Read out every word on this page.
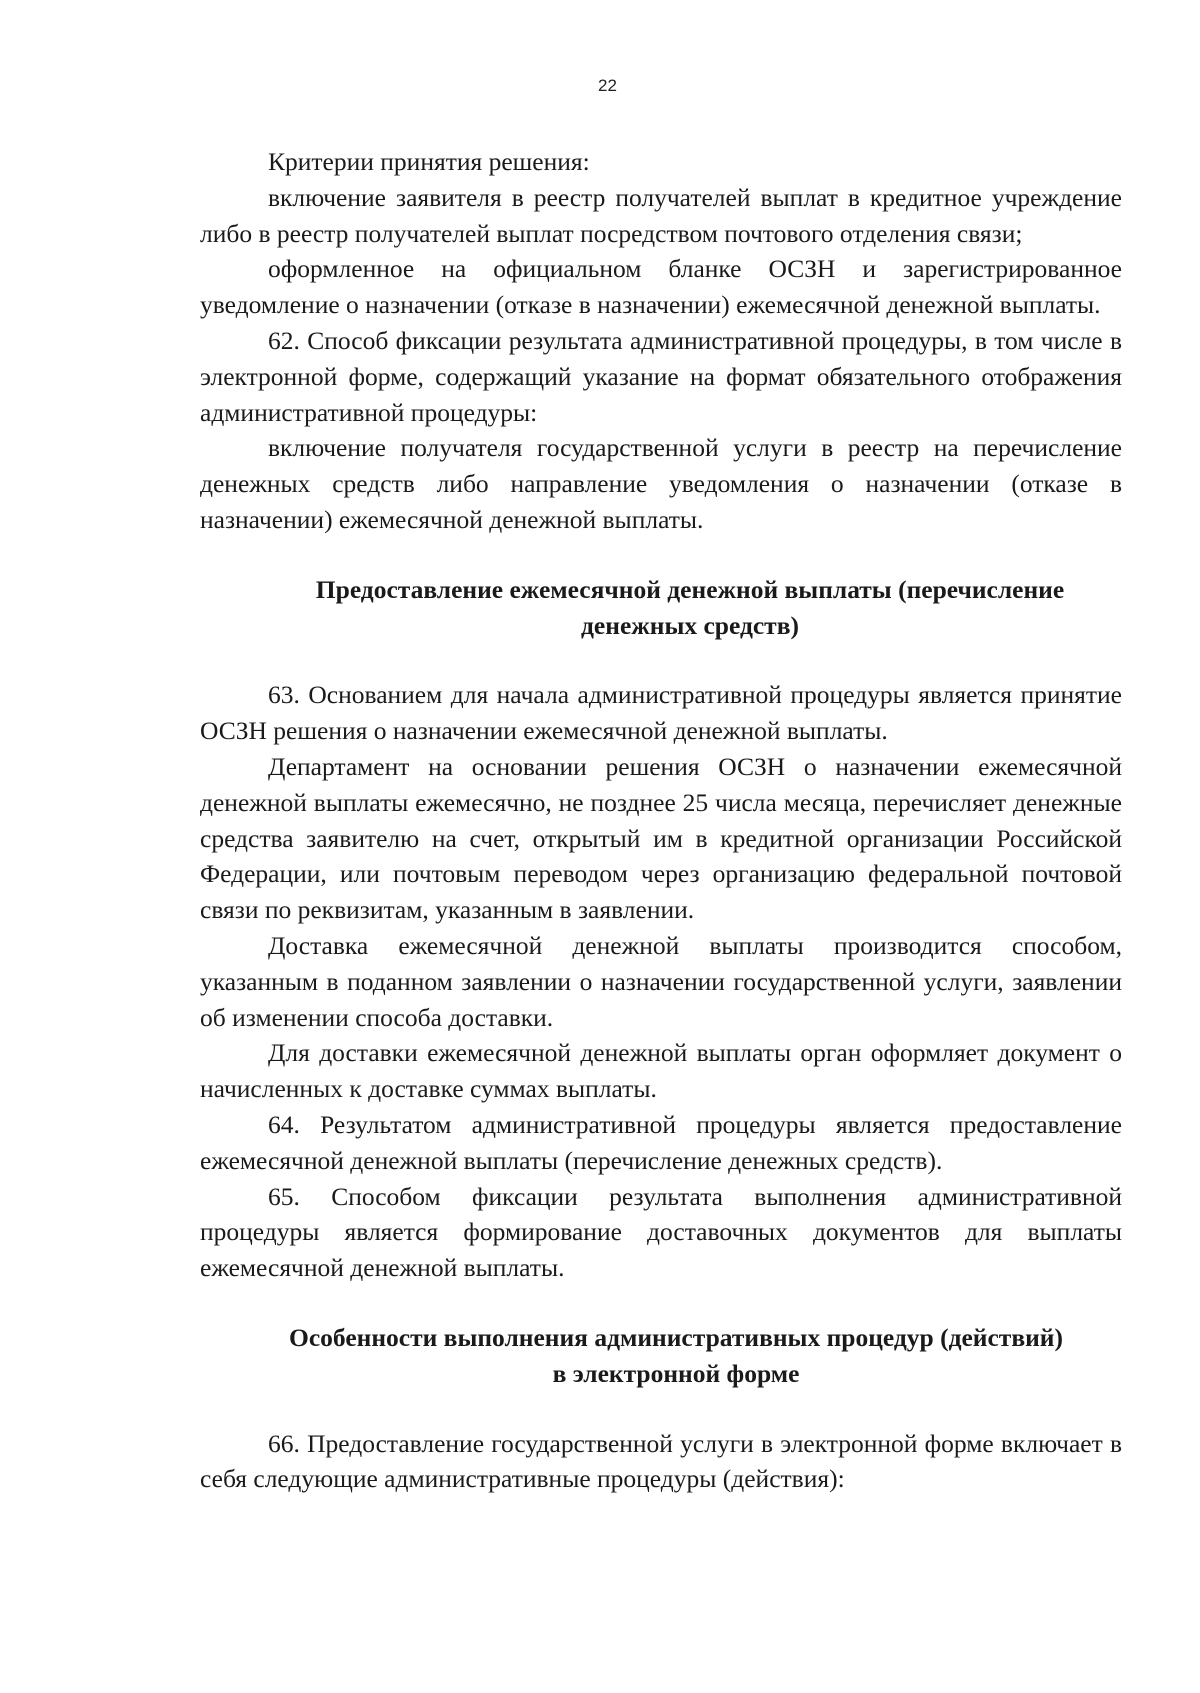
22

Критерии принятия решения:

включение заявителя в реестр получателей выплат в кредитное учреждение либо в реестр получателей выплат посредством почтового отделения связи;

оформленное на официальном бланке ОСЗН и зарегистрированное уведомление о назначении (отказе в назначении) ежемесячной денежной выплаты.

62. Способ фиксации результата административной процедуры, в том числе в электронной форме, содержащий указание на формат обязательного отображения административной процедуры:

включение получателя государственной услуги в реестр на перечисление денежных средств либо направление уведомления о назначении (отказе в назначении) ежемесячной денежной выплаты.

Предоставление ежемесячной денежной выплаты (перечисление
денежных средств)

63. Основанием для начала административной процедуры является принятие ОСЗН решения о назначении ежемесячной денежной выплаты.

Департамент на основании решения ОСЗН о назначении ежемесячной денежной выплаты ежемесячно, не позднее 25 числа месяца, перечисляет денежные средства заявителю на счет, открытый им в кредитной организации Российской Федерации, или почтовым переводом через организацию федеральной почтовой связи по реквизитам, указанным в заявлении.

Доставка ежемесячной денежной выплаты производится способом, указанным в поданном заявлении о назначении государственной услуги, заявлении об изменении способа доставки.

Для доставки ежемесячной денежной выплаты орган оформляет документ о начисленных к доставке суммах выплаты.

64. Результатом административной процедуры является предоставление ежемесячной денежной выплаты (перечисление денежных средств).

65. Способом фиксации результата выполнения административной процедуры является формирование доставочных документов для выплаты ежемесячной денежной выплаты.

Особенности выполнения административных процедур (действий)
в электронной форме

66. Предоставление государственной услуги в электронной форме включает в себя следующие административные процедуры (действия):
